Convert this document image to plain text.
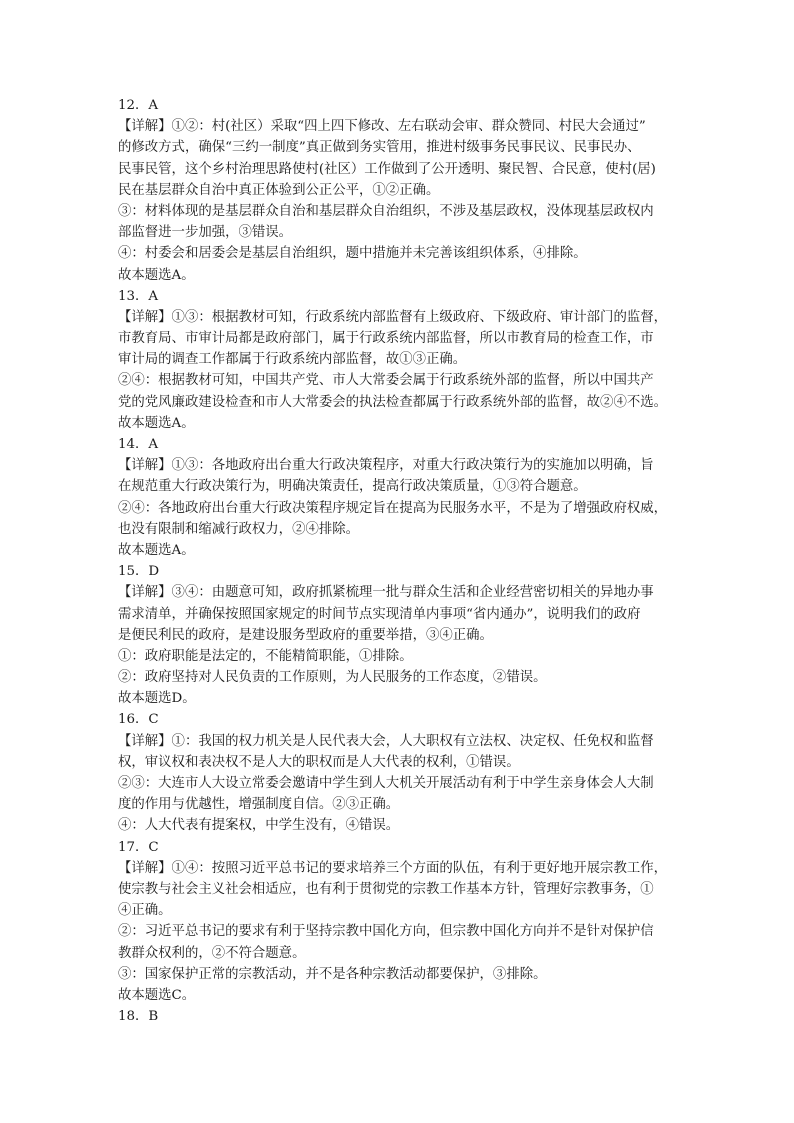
12．A
【详解】①②：村(社区）采取“四上四下修改、左右联动会审、群众赞同、村民大会通过”
的修改方式，确保“三约一制度”真正做到务实管用，推进村级事务民事民议、民事民办、
民事民管，这个乡村治理思路使村(社区）工作做到了公开透明、聚民智、合民意，使村(居)
民在基层群众自治中真正体验到公正公平，①②正确。
③：材料体现的是基层群众自治和基层群众自治组织，不涉及基层政权，没体现基层政权内
部监督进一步加强，③错误。
④：村委会和居委会是基层自治组织，题中措施并未完善该组织体系，④排除。
故本题选A。
13．A
【详解】①③：根据教材可知，行政系统内部监督有上级政府、下级政府、审计部门的监督，
市教育局、市审计局都是政府部门，属于行政系统内部监督，所以市教育局的检查工作，市
审计局的调查工作都属于行政系统内部监督，故①③正确。
②④：根据教材可知，中国共产党、市人大常委会属于行政系统外部的监督，所以中国共产
党的党风廉政建设检查和市人大常委会的执法检查都属于行政系统外部的监督，故②④不选。
故本题选A。
14．A
【详解】①③：各地政府出台重大行政决策程序，对重大行政决策行为的实施加以明确，旨
在规范重大行政决策行为，明确决策责任，提高行政决策质量，①③符合题意。
②④：各地政府出台重大行政决策程序规定旨在提高为民服务水平，不是为了增强政府权威，
也没有限制和缩减行政权力，②④排除。
故本题选A。
15．D
【详解】③④：由题意可知，政府抓紧梳理一批与群众生活和企业经营密切相关的异地办事
需求清单，并确保按照国家规定的时间节点实现清单内事项“省内通办”，说明我们的政府
是便民利民的政府，是建设服务型政府的重要举措，③④正确。
①：政府职能是法定的，不能精简职能，①排除。
②：政府坚持对人民负责的工作原则，为人民服务的工作态度，②错误。
故本题选D。
16．C
【详解】①：我国的权力机关是人民代表大会，人大职权有立法权、决定权、任免权和监督
权，审议权和表决权不是人大的职权而是人大代表的权利，①错误。
②③：大连市人大设立常委会邀请中学生到人大机关开展活动有利于中学生亲身体会人大制
度的作用与优越性，增强制度自信。②③正确。
④：人大代表有提案权，中学生没有，④错误。
17．C
【详解】①④：按照习近平总书记的要求培养三个方面的队伍，有利于更好地开展宗教工作，
使宗教与社会主义社会相适应，也有利于贯彻党的宗教工作基本方针，管理好宗教事务，①
④正确。
②：习近平总书记的要求有利于坚持宗教中国化方向，但宗教中国化方向并不是针对保护信
教群众权利的，②不符合题意。
③：国家保护正常的宗教活动，并不是各种宗教活动都要保护，③排除。
故本题选C。
18．B
